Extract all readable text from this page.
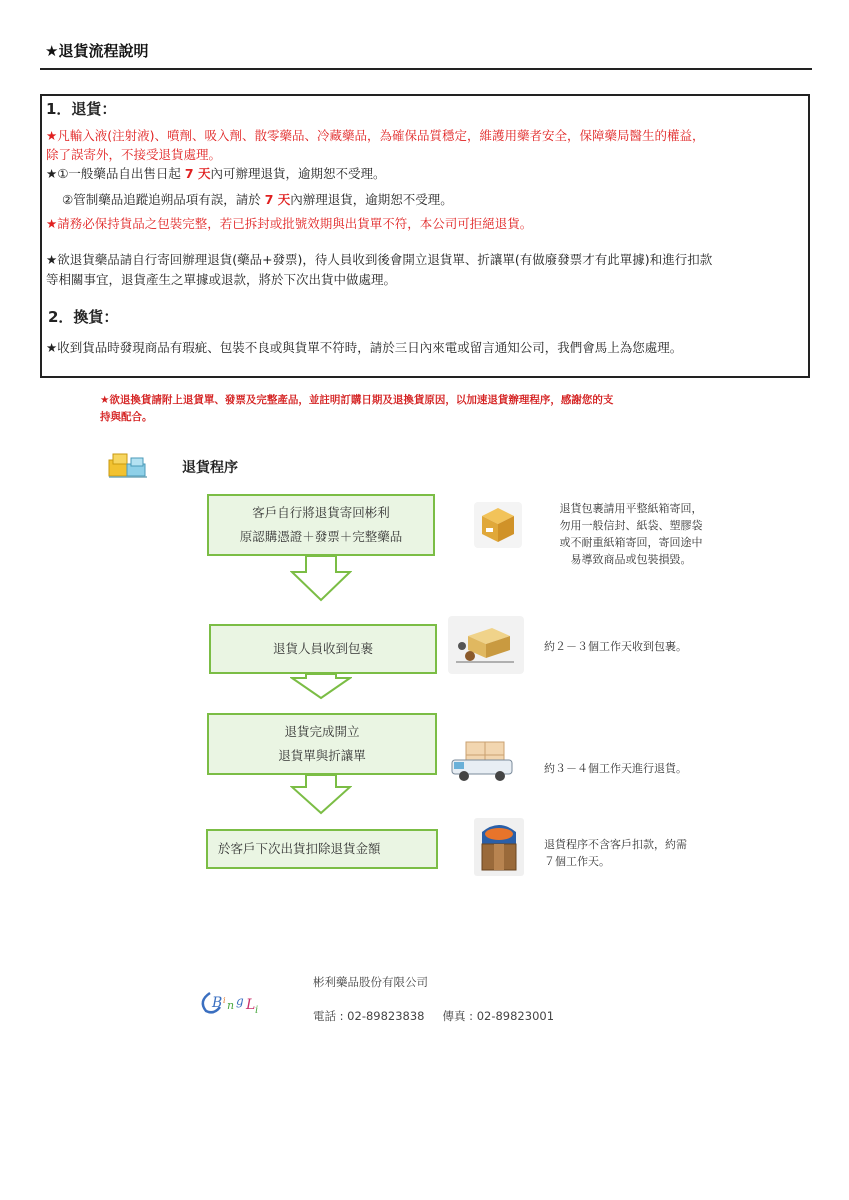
★退貨流程說明
1．退貨：
★凡輸入液(注射液)、噴劑、吸入劑、散零藥品、冷藏藥品，為確保品質穩定，維護用藥者安全，保障藥局醫生的權益，
除了誤寄外，不接受退貨處理。
★①一般藥品自出售日起 7 天內可辦理退貨，逾期恕不受理。
②管制藥品追蹤追朔品項有誤，請於 7 天內辦理退貨，逾期恕不受理。
★請務必保持貨品之包裝完整，若已拆封或批號效期與出貨單不符，本公司可拒絕退貨。
★欲退貨藥品請自行寄回辦理退貨(藥品+發票)，待人員收到後會開立退貨單、折讓單(有做廢發票才有此單據)和進行扣款
等相關事宜，退貨產生之單據或退款，將於下次出貨中做處理。
2．換貨：
★收到貨品時發現商品有瑕疵、包裝不良或與貨單不符時，請於三日內來電或留言通知公司，我們會馬上為您處理。
★欲退換貨請附上退貨單、發票及完整產品，並註明訂購日期及退換貨原因，以加速退貨辦理程序，感謝您的支
持與配合。
退貨程序
客戶自行將退貨寄回彬利
原認購憑證＋發票＋完整藥品
退貨人員收到包裹
退貨完成開立
退貨單與折讓單
於客戶下次出貨扣除退貨金額
退貨包裹請用平整紙箱寄回，
勿用一般信封、紙袋、塑膠袋
或不耐重紙箱寄回，寄回途中
易導致商品或包裝損毀。
約２－３個工作天收到包裹。
約３－４個工作天進行退貨。
退貨程序不含客戶扣款，約需
７個工作天。
B i n g L i
彬利藥品股份有限公司
電話 : 02-89823838 傳真 : 02-89823001
